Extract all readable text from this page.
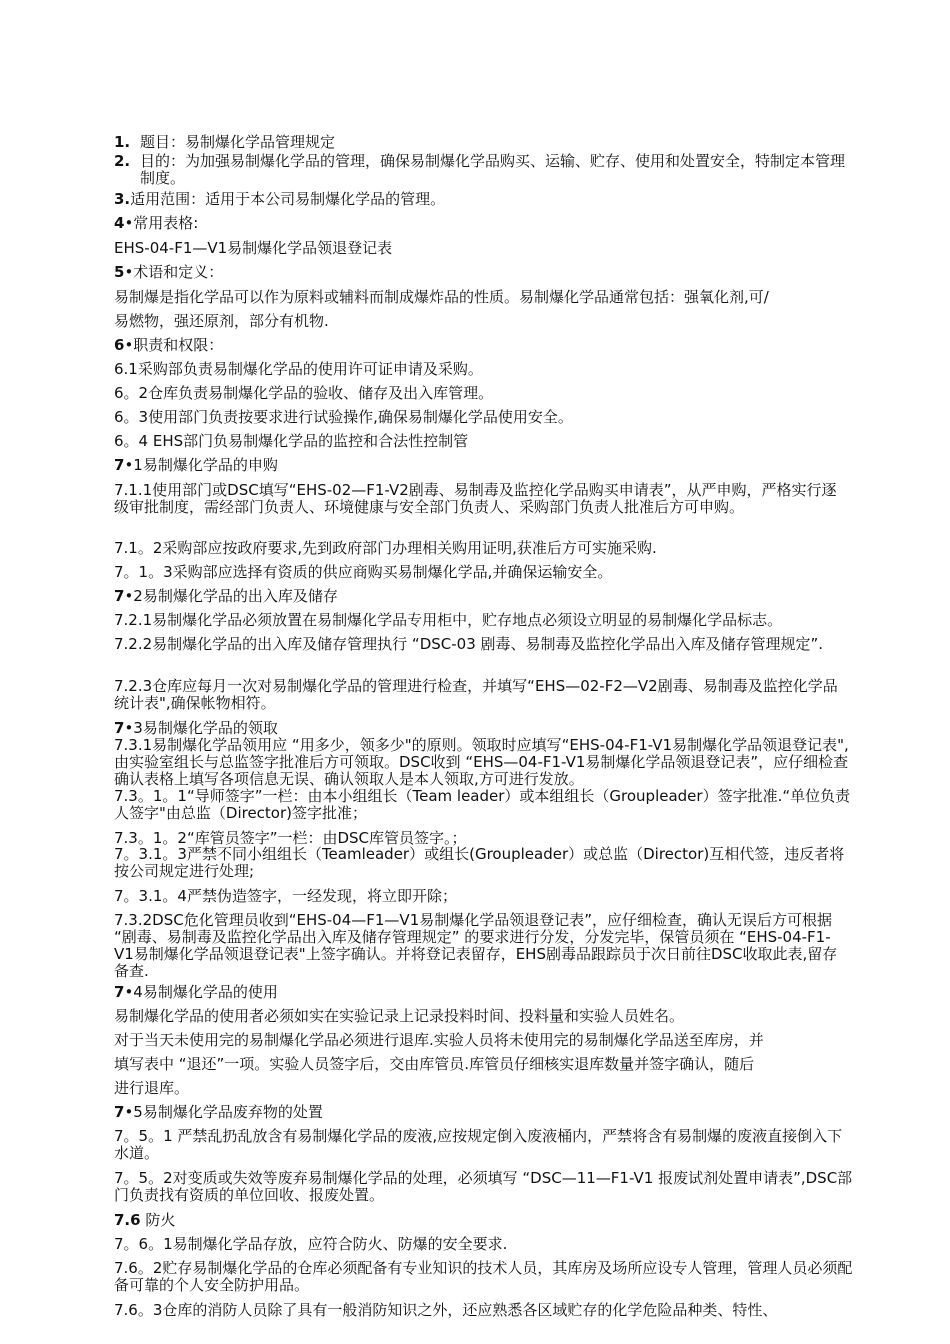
1. 题目：易制爆化学品管理规定
2. 目的：为加强易制爆化学品的管理，确保易制爆化学品购买、运输、贮存、使用和处置安全，特制定本管理制度。
3.适用范围：适用于本公司易制爆化学品的管理。
4•常用表格:
EHS-04-F1—V1易制爆化学品领退登记表
5•术语和定义：
易制爆是指化学品可以作为原料或辅料而制成爆炸品的性质。易制爆化学品通常包括：强氧化剂,可/
易燃物，强还原剂，部分有机物.
6•职责和权限：
6.1采购部负责易制爆化学品的使用许可证申请及采购。
6。2仓库负责易制爆化学品的验收、储存及出入库管理。
6。3使用部门负责按要求进行试验操作,确保易制爆化学品使用安全。
6。4 EHS部门负易制爆化学品的监控和合法性控制管
7•1易制爆化学品的申购
7.1.1使用部门或DSC填写“EHS-02—F1-V2剧毒、易制毒及监控化学品购买申请表”，从严申购，严格实行逐级审批制度，需经部门负责人、环境健康与安全部门负责人、采购部门负责人批准后方可申购。
7.1。2采购部应按政府要求,先到政府部门办理相关购用证明,获准后方可实施采购.
7。1。3采购部应选择有资质的供应商购买易制爆化学品,并确保运输安全。
7•2易制爆化学品的出入库及储存
7.2.1易制爆化学品必须放置在易制爆化学品专用柜中，贮存地点必须设立明显的易制爆化学品标志。
7.2.2易制爆化学品的出入库及储存管理执行 “DSC-03 剧毒、易制毒及监控化学品出入库及储存管理规定”.
7.2.3仓库应每月一次对易制爆化学品的管理进行检查，并填写“EHS—02-F2—V2剧毒、易制毒及监控化学品统计表",确保帐物相符。
7•3易制爆化学品的领取
7.3.1易制爆化学品领用应 “用多少，领多少"的原则。领取时应填写“EHS-04-F1-V1易制爆化学品领退登记表",由实验室组长与总监签字批准后方可领取。DSC收到 “EHS—04-F1-V1易制爆化学品领退登记表”，应仔细检查确认表格上填写各项信息无误、确认领取人是本人领取,方可进行发放。
7.3。1。1“导师签字”一栏：由本小组组长（Team leader）或本组组长（Groupleader）签字批准.“单位负责人签字"由总监（Director)签字批准；
7.3。1。2“库管员签字”一栏：由DSC库管员签字。；
7。3.1。3严禁不同小组组长（Teamleader）或组长(Groupleader）或总监（Director)互相代签，违反者将按公司规定进行处理;
7。3.1。4严禁伪造签字，一经发现，将立即开除；
7.3.2DSC危化管理员收到“EHS-04—F1—V1易制爆化学品领退登记表”，应仔细检查，确认无误后方可根据 “剧毒、易制毒及监控化学品出入库及储存管理规定” 的要求进行分发，分发完毕，保管员须在 “EHS-04-F1-V1易制爆化学品领退登记表"上签字确认。并将登记表留存，EHS剧毒品跟踪员于次日前往DSC收取此表,留存备查.
7•4易制爆化学品的使用
易制爆化学品的使用者必须如实在实验记录上记录投料时间、投料量和实验人员姓名。
对于当天未使用完的易制爆化学品必须进行退库.实验人员将未使用完的易制爆化学品送至库房，并
填写表中 “退还”一项。实验人员签字后，交由库管员.库管员仔细核实退库数量并签字确认，随后
进行退库。
7•5易制爆化学品废弃物的处置
7。5。1 严禁乱扔乱放含有易制爆化学品的废液,应按规定倒入废液桶内，严禁将含有易制爆的废液直接倒入下水道。
7。5。2对变质或失效等废弃易制爆化学品的处理，必须填写 “DSC—11—F1-V1 报废试剂处置申请表”,DSC部门负责找有资质的单位回收、报废处置。
7.6 防火
7。6。1易制爆化学品存放，应符合防火、防爆的安全要求.
7.6。2贮存易制爆化学品的仓库必须配备有专业知识的技术人员，其库房及场所应设专人管理，管理人员必须配备可靠的个人安全防护用品。
7.6。3仓库的消防人员除了具有一般消防知识之外，还应熟悉各区域贮存的化学危险品种类、特性、
